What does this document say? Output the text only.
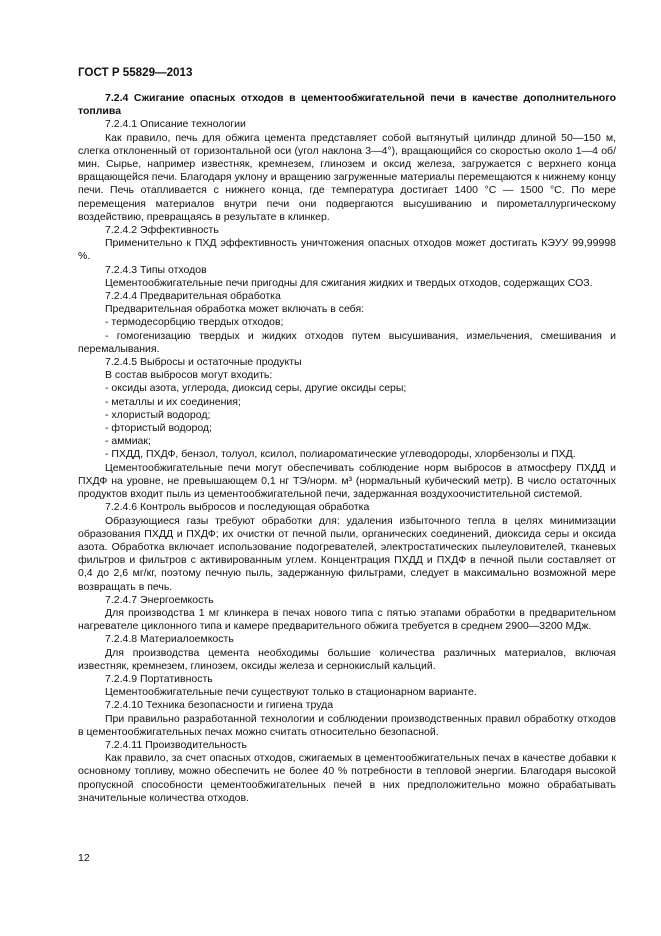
ГОСТ Р 55829—2013

7.2.4 Сжигание опасных отходов в цементообжигательной печи в качестве дополнительного топлива

7.2.4.1 Описание технологии

Как правило, печь для обжига цемента представляет собой вытянутый цилиндр длиной 50—150 м, слегка отклоненный от горизонтальной оси (угол наклона 3—4°), вращающийся со скоростью около 1—4 об/мин. Сырье, например известняк, кремнезем, глинозем и оксид железа, загружается с верхнего конца вращающейся печи. Благодаря уклону и вращению загруженные материалы перемещаются к нижнему концу печи. Печь отапливается с нижнего конца, где температура достигает 1400 °C — 1500 °C. По мере перемещения материалов внутри печи они подвергаются высушиванию и пирометаллургическому воздействию, превращаясь в результате в клинкер.

7.2.4.2 Эффективность

Применительно к ПХД эффективность уничтожения опасных отходов может достигать КЭУУ 99,99998 %.

7.2.4.3 Типы отходов

Цементообжигательные печи пригодны для сжигания жидких и твердых отходов, содержащих СОЗ.

7.2.4.4 Предварительная обработка

Предварительная обработка может включать в себя:

- термодесорбцию твердых отходов;

- гомогенизацию твердых и жидких отходов путем высушивания, измельчения, смешивания и перемалывания.

7.2.4.5 Выбросы и остаточные продукты

В состав выбросов могут входить:

- оксиды азота, углерода, диоксид серы, другие оксиды серы;

- металлы и их соединения;

- хлористый водород;

- фтористый водород;

- аммиак;

- ПХДД, ПХДФ, бензол, толуол, ксилол, полиароматические углеводороды, хлорбензолы и ПХД.

Цементообжигательные печи могут обеспечивать соблюдение норм выбросов в атмосферу ПХДД и ПХДФ на уровне, не превышающем 0,1 нг ТЭ/норм. м³ (нормальный кубический метр). В число остаточных продуктов входит пыль из цементообжигательной печи, задержанная воздухоочистительной системой.

7.2.4.6 Контроль выбросов и последующая обработка

Образующиеся газы требуют обработки для: удаления избыточного тепла в целях минимизации образования ПХДД и ПХДФ; их очистки от печной пыли, органических соединений, диоксида серы и оксида азота. Обработка включает использование подогревателей, электростатических пылеуловителей, тканевых фильтров и фильтров с активированным углем. Концентрация ПХДД и ПХДФ в печной пыли составляет от 0,4 до 2,6 мг/кг, поэтому печную пыль, задержанную фильтрами, следует в максимально возможной мере возвращать в печь.

7.2.4.7 Энергоемкость

Для производства 1 мг клинкера в печах нового типа с пятью этапами обработки в предварительном нагревателе циклонного типа и камере предварительного обжига требуется в среднем 2900—3200 МДж.

7.2.4.8 Материалоемкость

Для производства цемента необходимы большие количества различных материалов, включая известняк, кремнезем, глинозем, оксиды железа и сернокислый кальций.

7.2.4.9 Портативность

Цементообжигательные печи существуют только в стационарном варианте.

7.2.4.10 Техника безопасности и гигиена труда

При правильно разработанной технологии и соблюдении производственных правил обработку отходов в цементообжигательных печах можно считать относительно безопасной.

7.2.4.11 Производительность

Как правило, за счет опасных отходов, сжигаемых в цементообжигательных печах в качестве добавки к основному топливу, можно обеспечить не более 40 % потребности в тепловой энергии. Благодаря высокой пропускной способности цементообжигательных печей в них предположительно можно обрабатывать значительные количества отходов.

12
